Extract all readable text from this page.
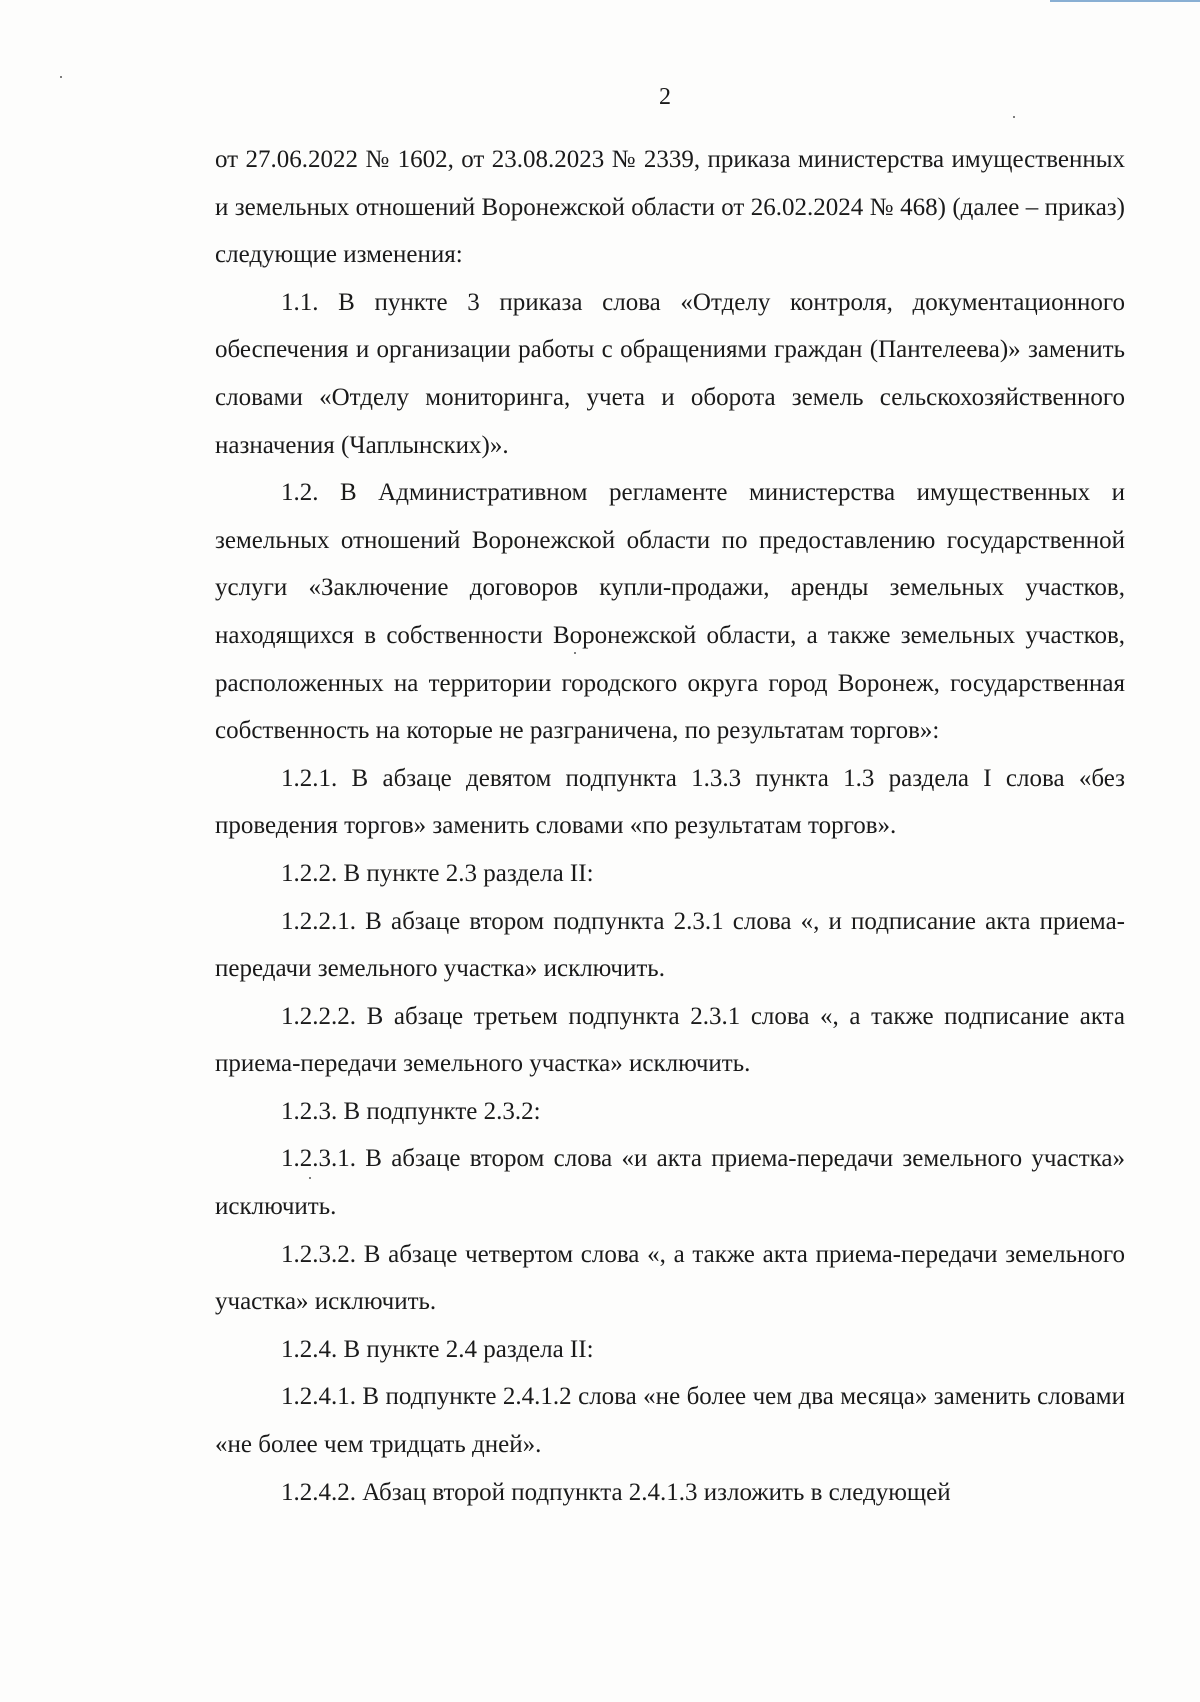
2

от 27.06.2022 № 1602, от 23.08.2023 № 2339, приказа министерства имущественных и земельных отношений Воронежской области от 26.02.2024 № 468) (далее – приказ) следующие изменения:

1.1. В пункте 3 приказа слова «Отделу контроля, документационного обеспечения и организации работы с обращениями граждан (Пантелеева)» заменить словами «Отделу мониторинга, учета и оборота земель сельскохозяйственного назначения (Чаплынских)».

1.2. В Административном регламенте министерства имущественных и земельных отношений Воронежской области по предоставлению государственной услуги «Заключение договоров купли-продажи, аренды земельных участков, находящихся в собственности Воронежской области, а также земельных участков, расположенных на территории городского округа город Воронеж, государственная собственность на которые не разграничена, по результатам торгов»:

1.2.1. В абзаце девятом подпункта 1.3.3 пункта 1.3 раздела I слова «без проведения торгов» заменить словами «по результатам торгов».

1.2.2. В пункте 2.3 раздела II:

1.2.2.1. В абзаце втором подпункта 2.3.1 слова «, и подписание акта приема-передачи земельного участка» исключить.

1.2.2.2. В абзаце третьем подпункта 2.3.1 слова «, а также подписание акта приема-передачи земельного участка» исключить.

1.2.3. В подпункте 2.3.2:

1.2.3.1. В абзаце втором слова «и акта приема-передачи земельного участка» исключить.

1.2.3.2. В абзаце четвертом слова «, а также акта приема-передачи земельного участка» исключить.

1.2.4. В пункте 2.4 раздела II:

1.2.4.1. В подпункте 2.4.1.2 слова «не более чем два месяца» заменить словами «не более чем тридцать дней».

1.2.4.2. Абзац второй подпункта 2.4.1.3 изложить в следующей
